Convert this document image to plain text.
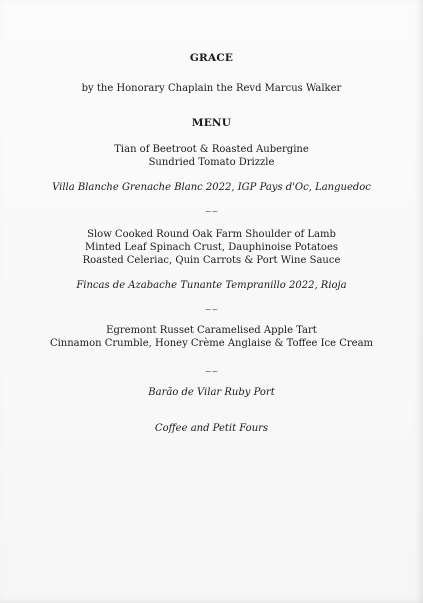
GRACE
by the Honorary Chaplain the Revd Marcus Walker
MENU
Tian of Beetroot & Roasted Aubergine
Sundried Tomato Drizzle
Villa Blanche Grenache Blanc 2022, IGP Pays d'Oc, Languedoc
~~
Slow Cooked Round Oak Farm Shoulder of Lamb
Minted Leaf Spinach Crust, Dauphinoise Potatoes
Roasted Celeriac, Quin Carrots & Port Wine Sauce
Fincas de Azabache Tunante Tempranillo 2022, Rioja
~~
Egremont Russet Caramelised Apple Tart
Cinnamon Crumble, Honey Crème Anglaise & Toffee Ice Cream
~~
Barão de Vilar Ruby Port
Coffee and Petit Fours
